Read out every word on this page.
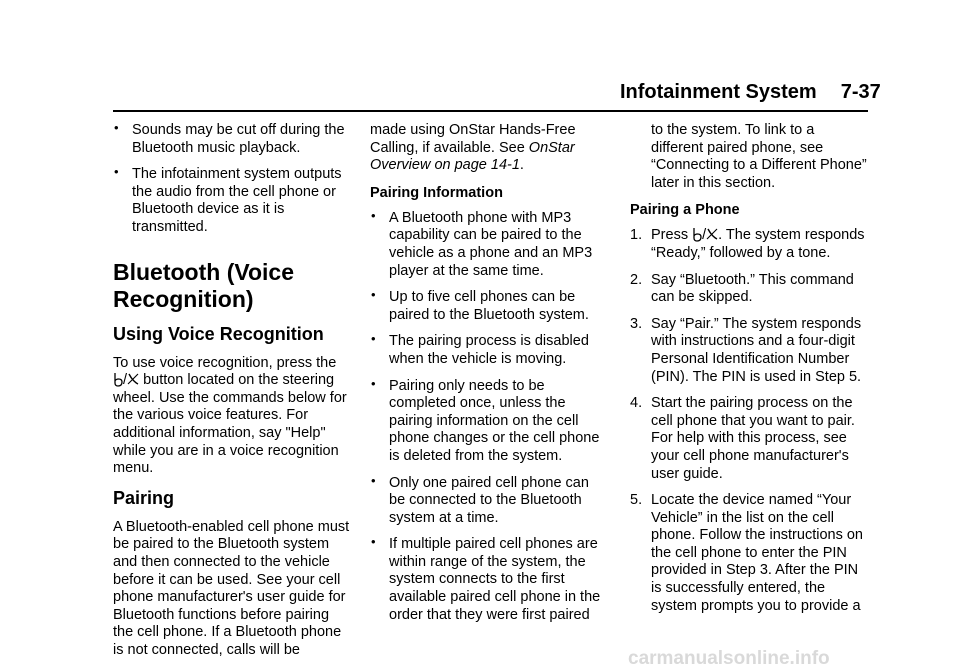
Infotainment System 7-37

• Sounds may be cut off during the Bluetooth music playback.

• The infotainment system outputs the audio from the cell phone or Bluetooth device as it is transmitted.

Bluetooth (Voice Recognition)
Using Voice Recognition

To use voice recognition, press the
/ button located on the steering wheel. Use the commands below for the various voice features. For additional information, say "Help" while you are in a voice recognition menu.

Pairing

A Bluetooth-enabled cell phone must be paired to the Bluetooth system and then connected to the vehicle before it can be used. See your cell phone manufacturer's user guide for Bluetooth functions before pairing the cell phone. If a Bluetooth phone is not connected, calls will be

made using OnStar Hands-Free Calling, if available. See OnStar Overview on page 14-1.

Pairing Information

• A Bluetooth phone with MP3 capability can be paired to the vehicle as a phone and an MP3 player at the same time.

• Up to five cell phones can be paired to the Bluetooth system.

• The pairing process is disabled when the vehicle is moving.

• Pairing only needs to be completed once, unless the pairing information on the cell phone changes or the cell phone is deleted from the system.

• Only one paired cell phone can be connected to the Bluetooth system at a time.

• If multiple paired cell phones are within range of the system, the system connects to the first available paired cell phone in the order that they were first paired

to the system. To link to a different paired phone, see “Connecting to a Different Phone” later in this section.

Pairing a Phone

1. Press / . The system responds “Ready,” followed by a tone.

2. Say “Bluetooth.” This command can be skipped.

3. Say “Pair.” The system responds with instructions and a four-digit Personal Identification Number (PIN). The PIN is used in Step 5.

4. Start the pairing process on the cell phone that you want to pair. For help with this process, see your cell phone manufacturer's user guide.

5. Locate the device named “Your Vehicle” in the list on the cell phone. Follow the instructions on the cell phone to enter the PIN provided in Step 3. After the PIN is successfully entered, the system prompts you to provide a

carmanualsonline.info
